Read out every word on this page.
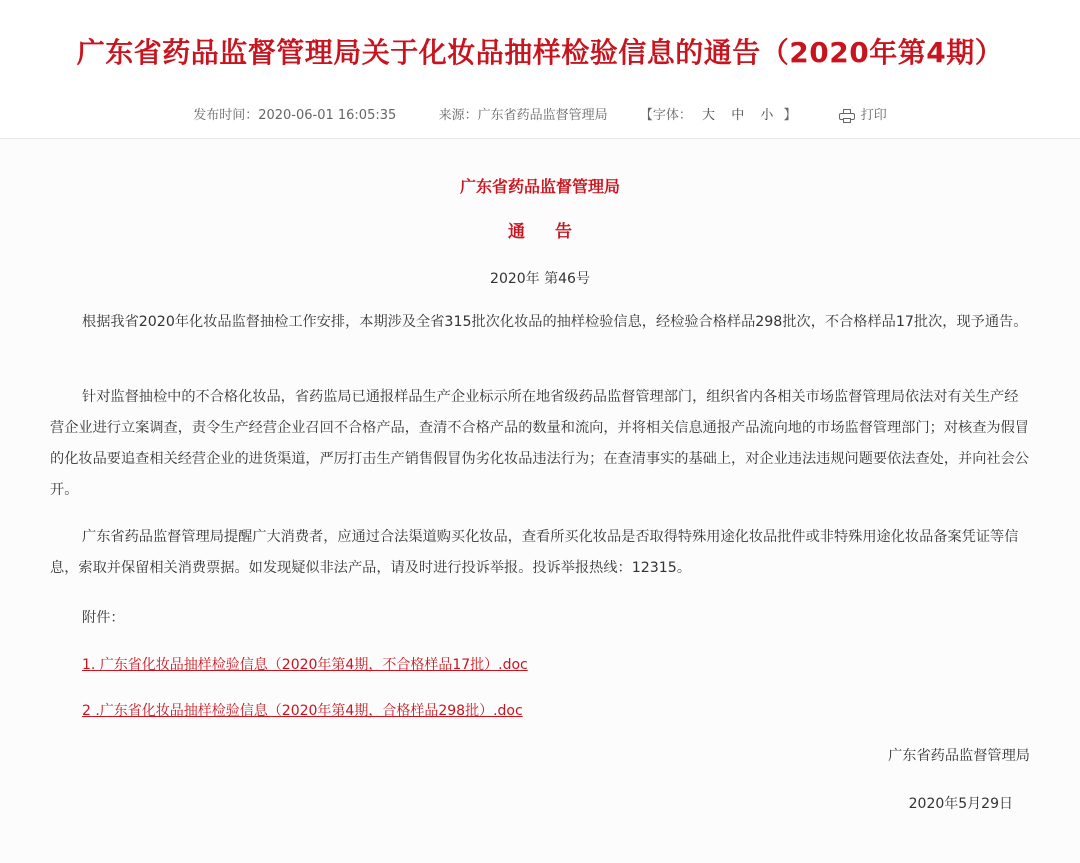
广东省药品监督管理局关于化妆品抽样检验信息的通告（2020年第4期）
发布时间：2020-06-01 16:05:35	来源：广东省药品监督管理局 【字体： 大 中 小 】	打印
广东省药品监督管理局
通告
2020年 第46号

根据我省2020年化妆品监督抽检工作安排，本期涉及全省315批次化妆品的抽样检验信息，经检验合格样品298批次，不合格样品17批次，现予通告。

针对监督抽检中的不合格化妆品，省药监局已通报样品生产企业标示所在地省级药品监督管理部门，组织省内各相关市场监督管理局依法对有关生产经营企业进行立案调查，责令生产经营企业召回不合格产品，查清不合格产品的数量和流向，并将相关信息通报产品流向地的市场监督管理部门；对核查为假冒的化妆品要追查相关经营企业的进货渠道，严厉打击生产销售假冒伪劣化妆品违法行为；在查清事实的基础上，对企业违法违规问题要依法查处，并向社会公开。

广东省药品监督管理局提醒广大消费者，应通过合法渠道购买化妆品，查看所买化妆品是否取得特殊用途化妆品批件或非特殊用途化妆品备案凭证等信息，索取并保留相关消费票据。如发现疑似非法产品，请及时进行投诉举报。投诉举报热线：12315。

附件：
1. 广东省化妆品抽样检验信息（2020年第4期，不合格样品17批）.doc
2 .广东省化妆品抽样检验信息（2020年第4期，合格样品298批）.doc
广东省药品监督管理局
2020年5月29日
